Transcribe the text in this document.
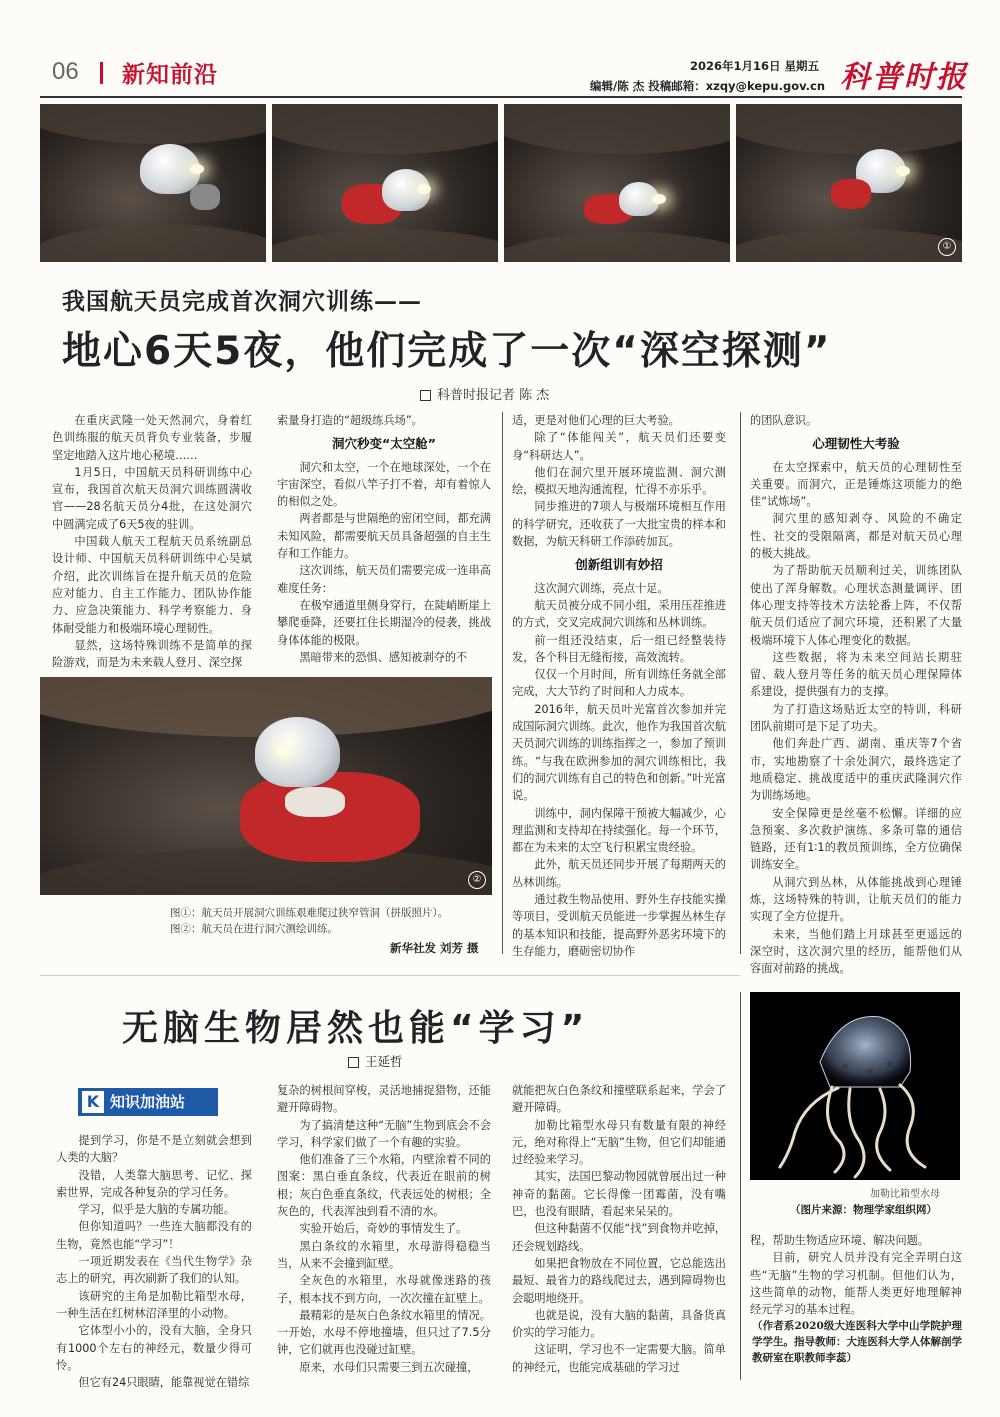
06 新知前沿	2026年1月16日 星期五
编辑/陈 杰 投稿邮箱：xzqy@kepu.gov.cn 科普时报
①
我国航天员完成首次洞穴训练——
地心6天5夜，他们完成了一次“深空探测”
科普时报记者 陈 杰

在重庆武隆一处天然洞穴，身着红色训练服的航天员背负专业装备，步履坚定地踏入这片地心秘境……

1月5日，中国航天员科研训练中心宣布，我国首次航天员洞穴训练圆满收官——28名航天员分4批，在这处洞穴中圆满完成了6天5夜的驻训。

中国载人航天工程航天员系统副总设计师、中国航天员科研训练中心吴斌介绍，此次训练旨在提升航天员的危险应对能力、自主工作能力、团队协作能力、应急决策能力、科学考察能力、身体耐受能力和极端环境心理韧性。

显然，这场特殊训练不是简单的探险游戏，而是为未来载人登月、深空探

索量身打造的“超级练兵场”。

洞穴秒变“太空舱”

洞穴和太空，一个在地球深处，一个在宇宙深空，看似八竿子打不着，却有着惊人的相似之处。

两者都是与世隔绝的密闭空间，都充满未知风险，都需要航天员具备超强的自主生存和工作能力。

这次训练，航天员们需要完成一连串高难度任务：

在极窄通道里侧身穿行，在陡峭断崖上攀爬垂降，还要扛住长期湿冷的侵袭，挑战身体体能的极限。

黑暗带来的恐惧、感知被剥夺的不

适，更是对他们心理的巨大考验。

除了“体能闯关”，航天员们还要变身“科研达人”。

他们在洞穴里开展环境监测、洞穴测绘，模拟天地沟通流程，忙得不亦乐乎。

同步推进的7项人与极端环境相互作用的科学研究，还收获了一大批宝贵的样本和数据，为航天科研工作添砖加瓦。

创新组训有妙招

这次洞穴训练，亮点十足。

航天员被分成不同小组，采用压茬推进的方式，交叉完成洞穴训练和丛林训练。

前一组还没结束，后一组已经整装待发，各个科目无缝衔接，高效流转。

仅仅一个月时间，所有训练任务就全部完成，大大节约了时间和人力成本。

2016年，航天员叶光富首次参加并完成国际洞穴训练。此次，他作为我国首次航天员洞穴训练的训练指挥之一，参加了预训练。“与我在欧洲参加的洞穴训练相比，我们的洞穴训练有自己的特色和创新。”叶光富说。

训练中，洞内保障干预被大幅减少，心理监测和支持却在持续强化。每一个环节，都在为未来的太空飞行积累宝贵经验。

此外，航天员还同步开展了每期两天的丛林训练。

通过救生物品使用、野外生存技能实操等项目，受训航天员能进一步掌握丛林生存的基本知识和技能，提高野外恶劣环境下的生存能力，磨砺密切协作

的团队意识。

心理韧性大考验

在太空探索中，航天员的心理韧性至关重要。而洞穴，正是锤炼这项能力的绝佳“试炼场”。

洞穴里的感知剥夺、风险的不确定性、社交的受限隔离，都是对航天员心理的极大挑战。

为了帮助航天员顺利过关，训练团队使出了浑身解数。心理状态测量调评、团体心理支持等技术方法轮番上阵，不仅帮航天员们适应了洞穴环境，还积累了大量极端环境下人体心理变化的数据。

这些数据，将为未来空间站长期驻留、载人登月等任务的航天员心理保障体系建设，提供强有力的支撑。

为了打造这场贴近太空的特训，科研团队前期可是下足了功夫。

他们奔赴广西、湖南、重庆等7个省市，实地勘察了十余处洞穴，最终选定了地质稳定、挑战度适中的重庆武隆洞穴作为训练场地。

安全保障更是丝毫不松懈。详细的应急预案、多次救护演练、多条可靠的通信链路，还有1∶1的教员预训练，全方位确保训练安全。

从洞穴到丛林，从体能挑战到心理锤炼，这场特殊的特训，让航天员们的能力实现了全方位提升。

未来，当他们踏上月球甚至更遥远的深空时，这次洞穴里的经历，能帮他们从容面对前路的挑战。

②
图①：航天员开展洞穴训练艰难爬过狭窄管洞（拼版照片）。
图②：航天员在进行洞穴测绘训练。
新华社发 刘芳 摄
无脑生物居然也能“学习”
王延哲
K 知识加油站

提到学习，你是不是立刻就会想到人类的大脑？

没错，人类靠大脑思考、记忆、探索世界，完成各种复杂的学习任务。

学习，似乎是大脑的专属功能。

但你知道吗？一些连大脑都没有的生物，竟然也能“学习”！

一项近期发表在《当代生物学》杂志上的研究，再次刷新了我们的认知。

该研究的主角是加勒比箱型水母，一种生活在红树林沼泽里的小动物。

它体型小小的，没有大脑，全身只有1000个左右的神经元，数量少得可怜。

但它有24只眼睛，能靠视觉在错综

复杂的树根间穿梭，灵活地捕捉猎物，还能避开障碍物。

为了搞清楚这种“无脑”生物到底会不会学习，科学家们做了一个有趣的实验。

他们准备了三个水箱，内壁涂着不同的图案：黑白垂直条纹，代表近在眼前的树根；灰白色垂直条纹，代表远处的树根；全灰色的，代表浑浊到看不清的水。

实验开始后，奇妙的事情发生了。

黑白条纹的水箱里，水母游得稳稳当当，从来不会撞到缸壁。

全灰色的水箱里，水母就像迷路的孩子，根本找不到方向，一次次撞在缸壁上。

最精彩的是灰白色条纹水箱里的情况。一开始，水母不停地撞墙，但只过了7.5分钟，它们就再也没碰过缸壁。

原来，水母们只需要三到五次碰撞，

就能把灰白色条纹和撞壁联系起来，学会了避开障碍。

加勒比箱型水母只有数量有限的神经元，绝对称得上“无脑”生物，但它们却能通过经验来学习。

其实，法国巴黎动物园就曾展出过一种神奇的黏菌。它长得像一团霉菌，没有嘴巴，也没有眼睛，看起来呆呆的。

但这种黏菌不仅能“找”到食物并吃掉，还会规划路线。

如果把食物放在不同位置，它总能选出最短、最省力的路线爬过去，遇到障碍物也会聪明地绕开。

也就是说，没有大脑的黏菌，具备货真价实的学习能力。

这证明，学习也不一定需要大脑。简单的神经元，也能完成基础的学习过

程，帮助生物适应环境、解决问题。

目前，研究人员并没有完全弄明白这些“无脑”生物的学习机制。但他们认为，这些简单的动物，能帮人类更好地理解神经元学习的基本过程。

加勒比箱型水母
（图片来源：物理学家组织网）
（作者系2020级大连医科大学中山学院护理学学生。指导教师：大连医科大学人体解剖学教研室在职教师李蕊）
